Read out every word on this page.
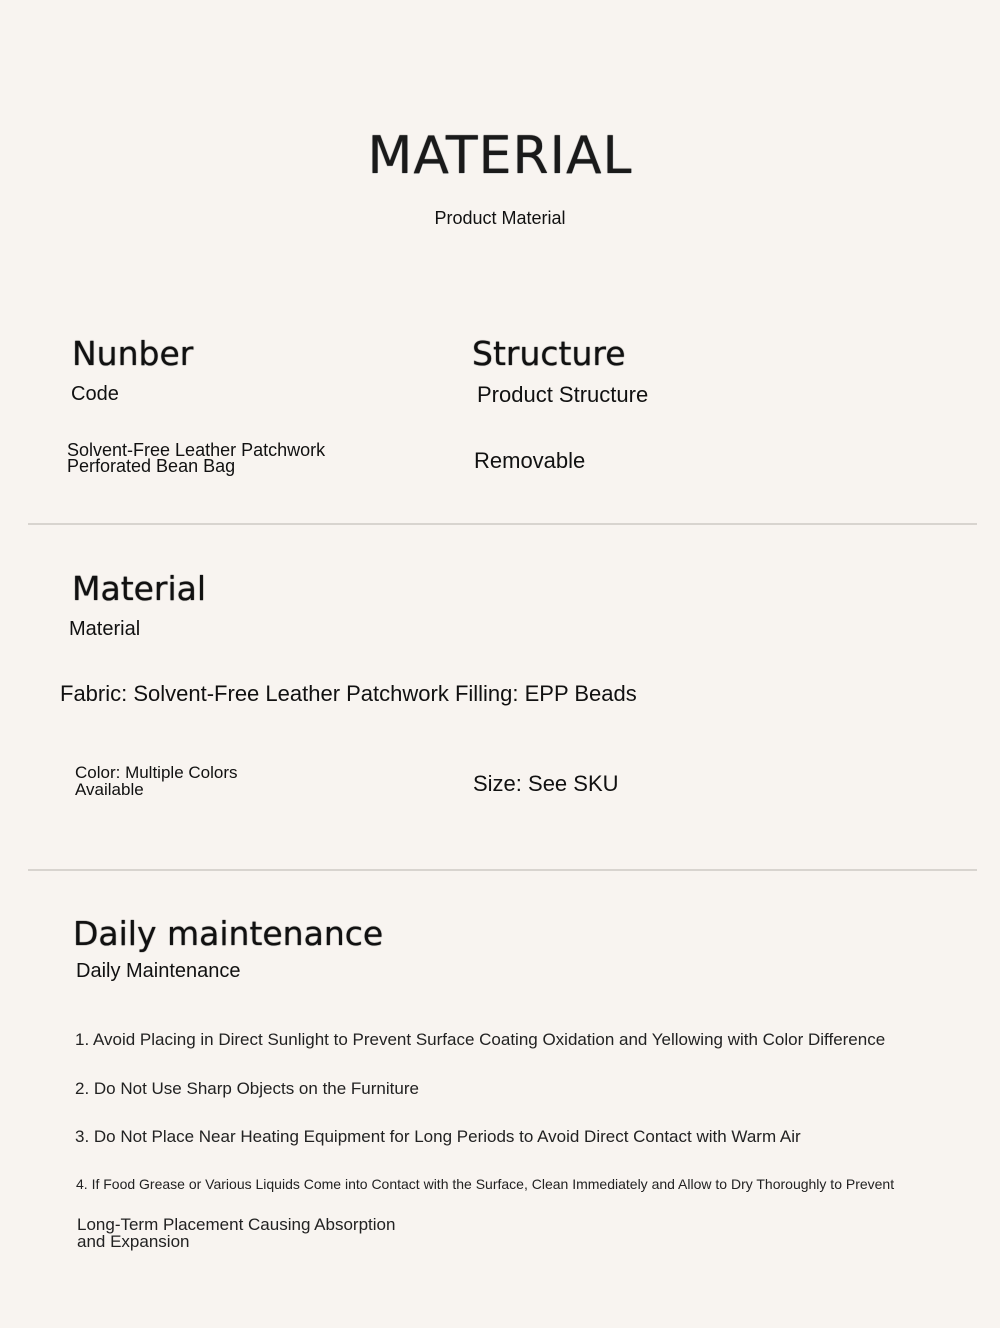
MATERIAL
Product Material
Nunber
Code
Solvent-Free Leather Patchwork
Perforated Bean Bag
Structure
Product Structure
Removable
Material
Material
Fabric: Solvent-Free Leather Patchwork Filling: EPP Beads
Color: Multiple Colors
Available	Size: See SKU
Daily maintenance
Daily Maintenance
1. Avoid Placing in Direct Sunlight to Prevent Surface Coating Oxidation and Yellowing with Color Difference
2. Do Not Use Sharp Objects on the Furniture
3. Do Not Place Near Heating Equipment for Long Periods to Avoid Direct Contact with Warm Air
4. If Food Grease or Various Liquids Come into Contact with the Surface, Clean Immediately and Allow to Dry Thoroughly to Prevent
Long-Term Placement Causing Absorption
and Expansion
